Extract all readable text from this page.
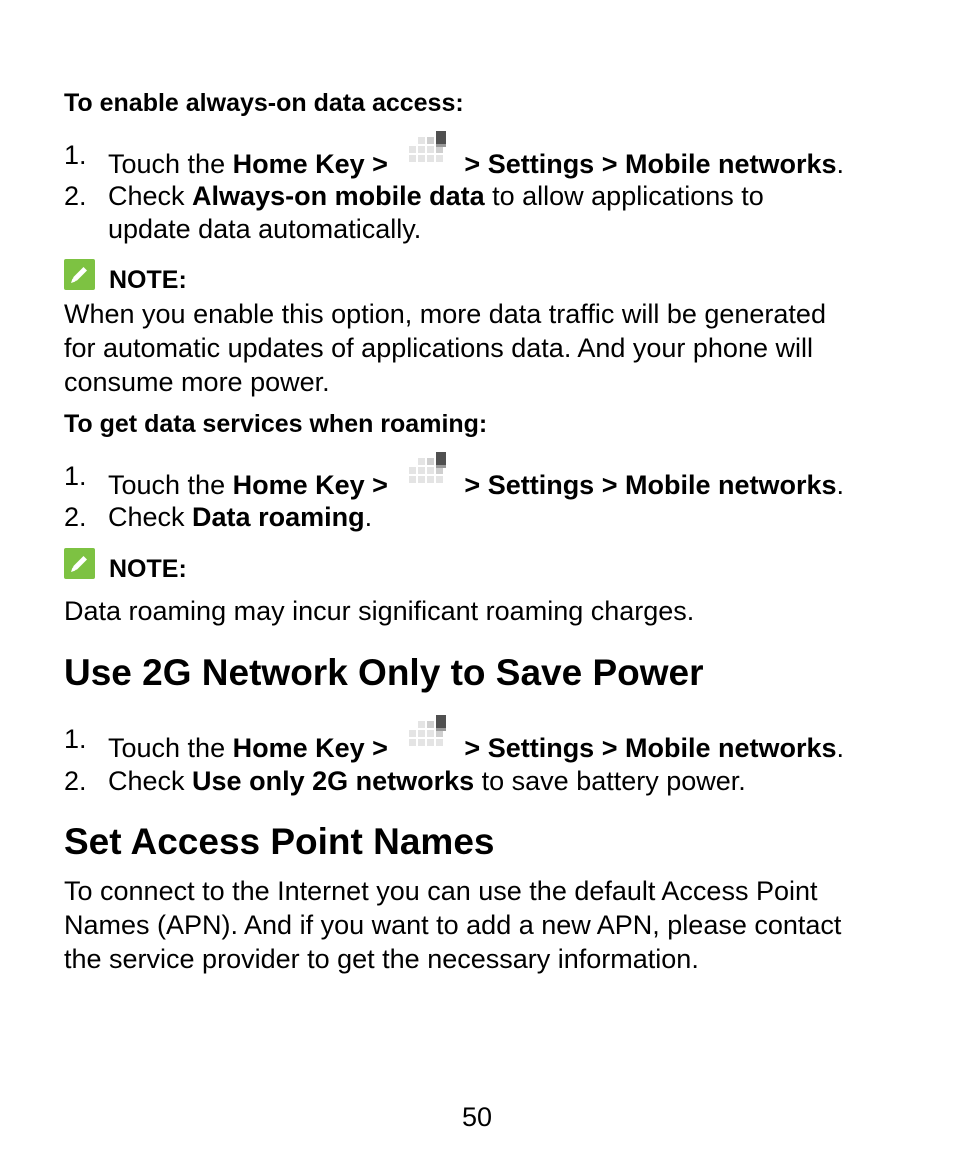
To enable always-on data access:
1. Touch the Home Key >	> Settings > Mobile networks.
2. Check Always-on mobile data to allow applications to
update data automatically.
NOTE:
When you enable this option, more data traffic will be generated
for automatic updates of applications data. And your phone will
consume more power.
To get data services when roaming:
1. Touch the Home Key >	> Settings > Mobile networks.
2. Check Data roaming.
NOTE:
Data roaming may incur significant roaming charges.
Use 2G Network Only to Save Power
1. Touch the Home Key >	> Settings > Mobile networks.
2. Check Use only 2G networks to save battery power.
Set Access Point Names
To connect to the Internet you can use the default Access Point
Names (APN). And if you want to add a new APN, please contact
the service provider to get the necessary information.
50
